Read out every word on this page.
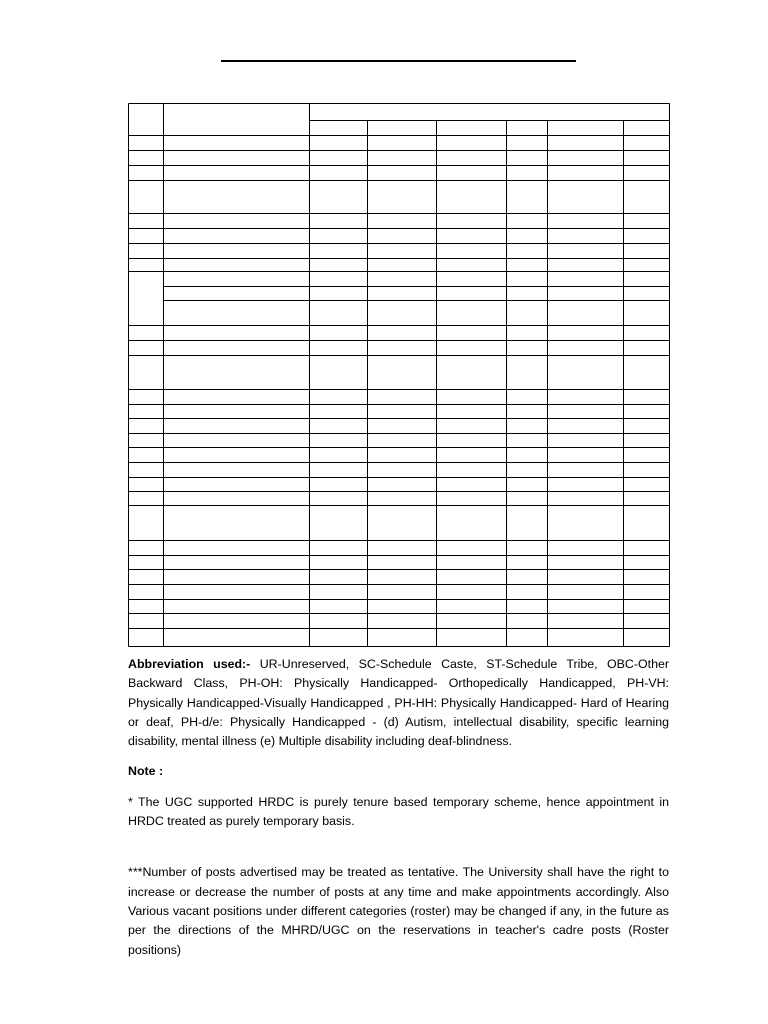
Abbreviation used:- UR-Unreserved, SC-Schedule Caste, ST-Schedule Tribe, OBC-Other Backward Class, PH-OH: Physically Handicapped- Orthopedically Handicapped, PH-VH: Physically Handicapped-Visually Handicapped , PH-HH: Physically Handicapped- Hard of Hearing or deaf, PH-d/e: Physically Handicapped - (d) Autism, intellectual disability, specific learning disability, mental illness (e) Multiple disability including deaf-blindness.

Note :

* The UGC supported HRDC is purely tenure based temporary scheme, hence appointment in HRDC treated as purely temporary basis.

***Number of posts advertised may be treated as tentative. The University shall have the right to increase or decrease the number of posts at any time and make appointments accordingly. Also Various vacant positions under different categories (roster) may be changed if any, in the future as per the directions of the MHRD/UGC on the reservations in teacher's cadre posts (Roster positions)
